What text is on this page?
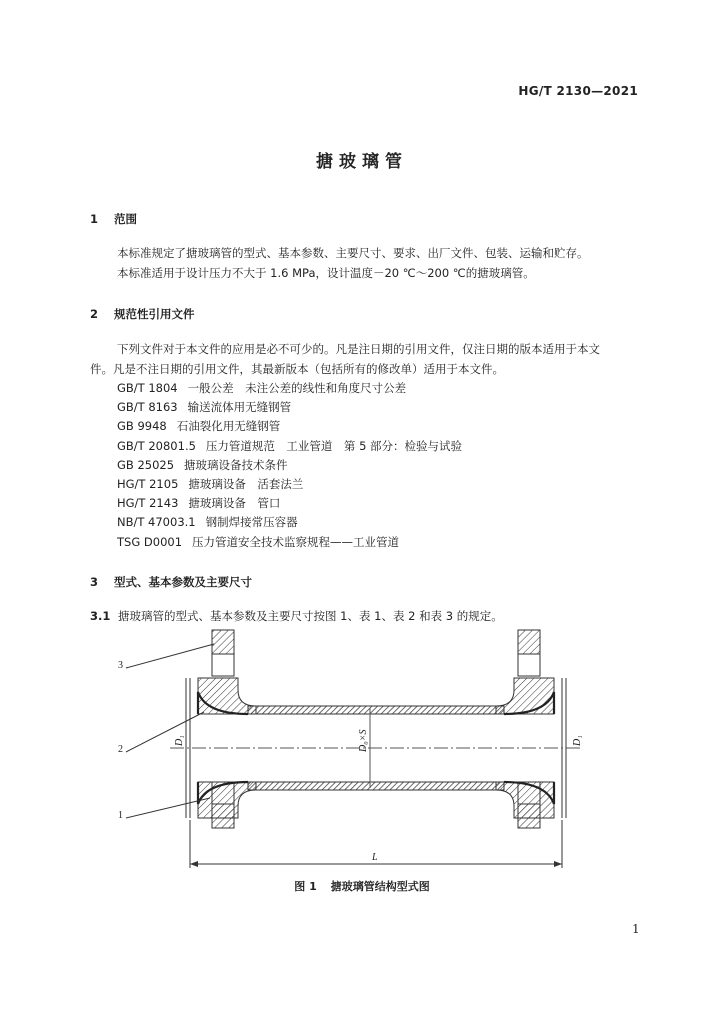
HG/T 2130—2021
搪玻璃管
1 范围
本标准规定了搪玻璃管的型式、基本参数、主要尺寸、要求、出厂文件、包装、运输和贮存。
本标准适用于设计压力不大于 1.6 MPa，设计温度－20 ℃～200 ℃的搪玻璃管。
2 规范性引用文件
下列文件对于本文件的应用是必不可少的。凡是注日期的引用文件，仅注日期的版本适用于本文
件。凡是不注日期的引用文件，其最新版本（包括所有的修改单）适用于本文件。
GB/T 1804 一般公差　未注公差的线性和角度尺寸公差
GB/T 8163 输送流体用无缝钢管
GB 9948 石油裂化用无缝钢管
GB/T 20801.5 压力管道规范　工业管道　第 5 部分：检验与试验
GB 25025 搪玻璃设备技术条件
HG/T 2105 搪玻璃设备　活套法兰
HG/T 2143 搪玻璃设备　管口
NB/T 47003.1 钢制焊接常压容器
TSG D0001 压力管道安全技术监察规程——工业管道
3 型式、基本参数及主要尺寸
3.1 搪玻璃管的型式、基本参数及主要尺寸按图 1、表 1、表 2 和表 3 的规定。
3
2
1
D₁	D₁
D₀×S
L
图 1 搪玻璃管结构型式图
1
